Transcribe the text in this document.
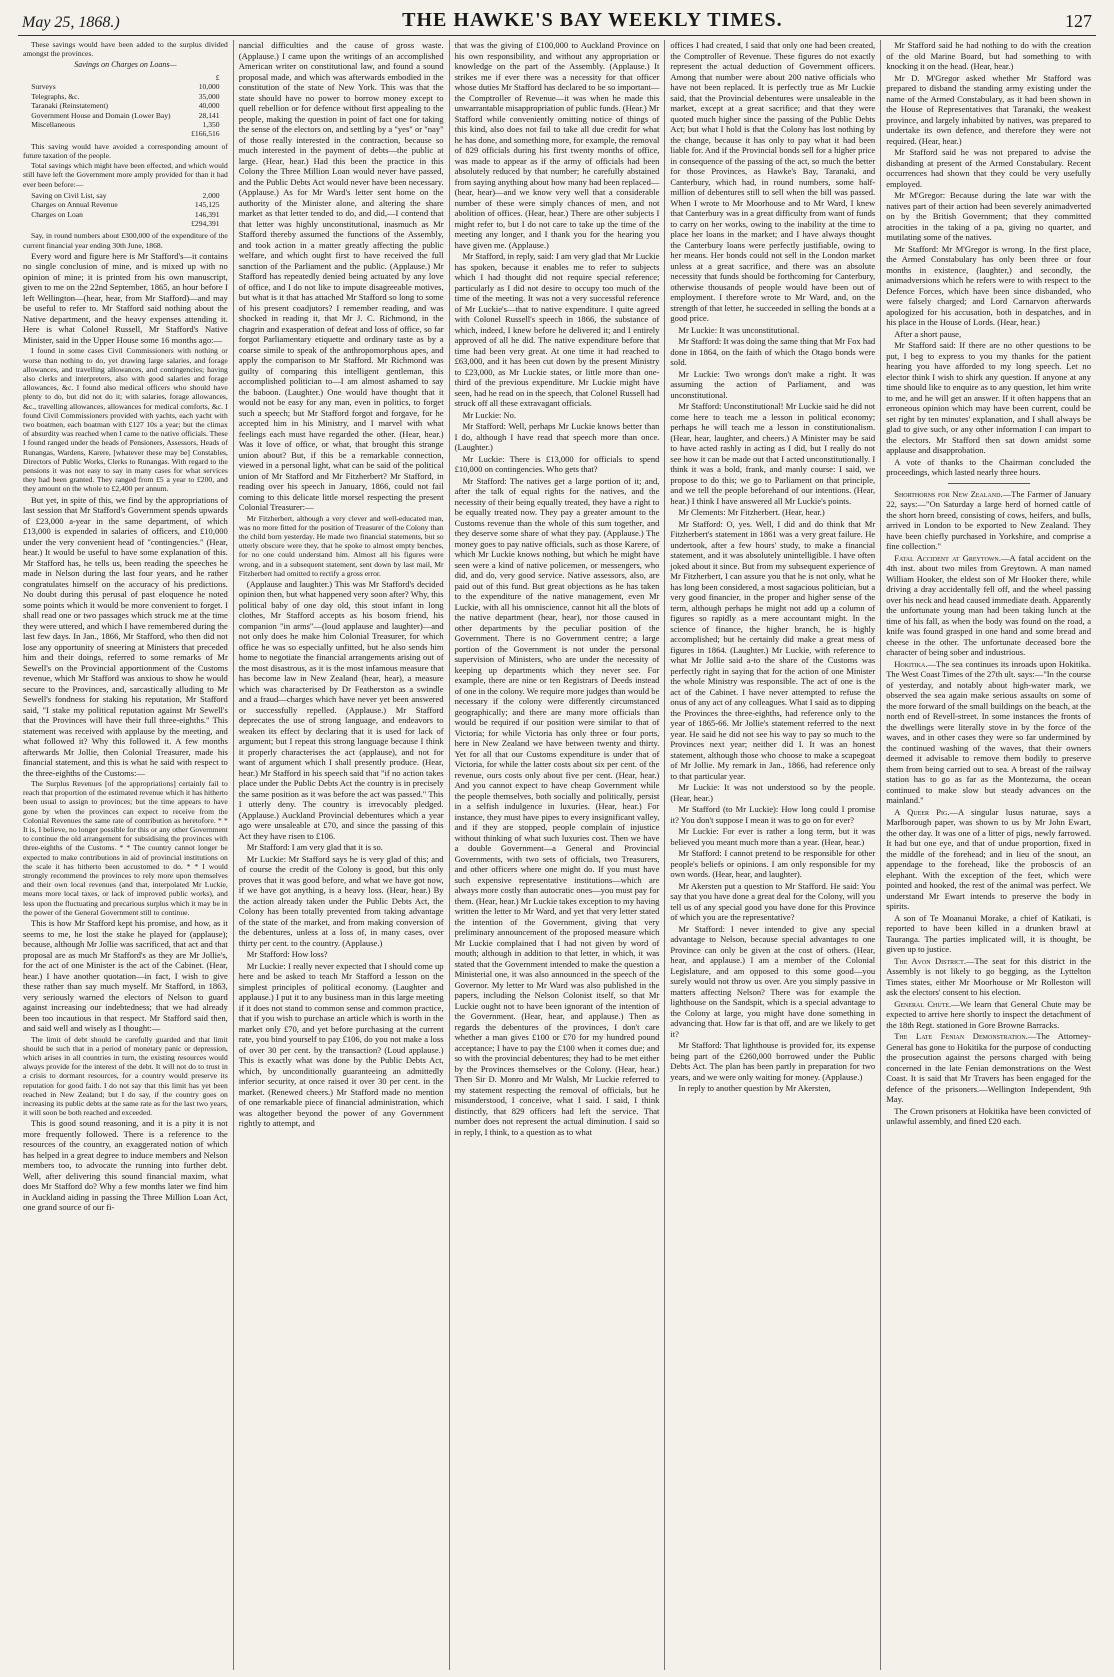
May 25, 1868.)	THE HAWKE'S BAY WEEKLY TIMES.	127

These savings would have been added to the surplus divided amongst the provinces.

Savings on Charges on Loans—
	£
Surveys	10,000
Telegraphs, &c.	35,000
Taranaki (Reinstatement)	40,000
Government House and Domain (Lower Bay)	28,141
Miscellaneous	1,350
	£166,516

This saving would have avoided a corresponding amount of future taxation of the people.

Total savings which might have been effected, and which would still have left the Government more amply provided for than it had ever been before:—

Saving on Civil List, say	2,000
Charges on Annual Revenue	145,125
Charges on Loan	146,391
	£294,391

Say, in round numbers about £300,000 of the expenditure of the current financial year ending 30th June, 1868.

Every word and figure here is Mr Stafford's—it contains no single conclusion of mine, and is mixed up with no opinion of mine; it is printed from his own manuscript, given to me on the 22nd September, 1865, an hour before I left Wellington—(hear, hear, from Mr Stafford)—and may be useful to refer to. Mr Stafford said nothing about the Native department, and the heavy expenses attending it. Here is what Colonel Russell, Mr Stafford's Native Minister, said in the Upper House some 16 months ago:—

I found in some cases Civil Commissioners with nothing or worse than nothing to do, yet drawing large salaries, and forage allowances, and travelling allowances, and contingencies; having also clerks and interpreters, also with good salaries and forage allowances, &c. I found also medical officers who should have plenty to do, but did not do it; with salaries, forage allowances, &c., travelling allowances, allowances for medical comforts, &c. I found Civil Commissioners provided with yachts, each yacht with two boatmen, each boatman with £127 10s a year; but the climax of absurdity was reached when I came to the native officials. These I found ranged under the heads of Pensioners, Assessors, Heads of Runangas, Wardens, Karere, [whatever these may be] Constables, Directors of Public Works, Clerks to Runangas. With regard to the pensions it was not easy to say in many cases for what services they had been granted. They ranged from £5 a year to £200, and they amount on the whole to £2,400 per annum.

But yet, in spite of this, we find by the appropriations of last session that Mr Stafford's Government spends upwards of £23,000 a-year in the same department, of which £13,000 is expended in salaries of officers, and £10,000 under the very convenient head of "contingencies." (Hear, hear.) It would be useful to have some explanation of this. Mr Stafford has, he tells us, been reading the speeches he made in Nelson during the last four years, and he rather congratulates himself on the accuracy of his predictions. No doubt during this perusal of past eloquence he noted some points which it would be more convenient to forget. I shall read one or two passages which struck me at the time they were uttered, and which I have remembered during the last few days. In Jan., 1866, Mr Stafford, who then did not lose any opportunity of sneering at Ministers that preceded him and their doings, referred to some remarks of Mr Sewell's on the Provincial apportionment of the Customs revenue, which Mr Stafford was anxious to show he would secure to the Provinces, and, sarcastically alluding to Mr Sewell's fondness for staking his reputation, Mr Stafford said, "I stake my political reputation against Mr Sewell's that the Provinces will have their full three-eighths." This statement was received with applause by the meeting, and what followed it? Why this followed it. A few months afterwards Mr Jollie, then Colonial Treasurer, made his financial statement, and this is what he said with respect to the three-eighths of the Customs:—

The Surplus Revenues [of the appropriations] certainly fail to reach that proportion of the estimated revenue which it has hitherto been usual to assign to provinces; but the time appears to have gone by when the provinces can expect to receive from the Colonial Revenues the same rate of contribution as heretofore. * * It is, I believe, no longer possible for this or any other Government to continue the old arrangement for subsidising the provinces with three-eighths of the Customs. * * The country cannot longer be expected to make contributions in aid of provincial institutions on the scale it has hitherto been accustomed to do. * * I would strongly recommend the provinces to rely more upon themselves and their own local revenues (and that, interpolated Mr Luckie, means more local taxes, or lack of improved public works), and less upon the fluctuating and precarious surplus which it may be in the power of the General Government still to continue.

This is how Mr Stafford kept his promise, and how, as it seems to me, he lost the stake he played for (applause); because, although Mr Jollie was sacrificed, that act and that proposal are as much Mr Stafford's as they are Mr Jollie's, for the act of one Minister is the act of the Cabinet. (Hear, hear.) I have another quotation—in fact, I wish to give these rather than say much myself. Mr Stafford, in 1863, very seriously warned the electors of Nelson to guard against increasing our indebtedness; that we had already been too incautious in that respect. Mr Stafford said then, and said well and wisely as I thought:—

The limit of debt should be carefully guarded and that limit should be such that in a period of monetary panic or depression, which arises in all countries in turn, the existing resources would always provide for the interest of the debt. It will not do to trust in a crisis to dormant resources, for a country would preserve its reputation for good faith. I do not say that this limit has yet been reached in New Zealand; but I do say, if the country goes on increasing its public debts at the same rate as for the last two years, it will soon be both reached and exceeded.

This is good sound reasoning, and it is a pity it is not more frequently followed. There is a reference to the resources of the country, an exaggerated notion of which has helped in a great degree to induce members and Nelson members too, to advocate the running into further debt. Well, after delivering this sound financial maxim, what does Mr Stafford do? Why a few months later we find him in Auckland aiding in passing the Three Million Loan Act, one grand source of our fi-

nancial difficulties and the cause of gross waste. (Applause.) I came upon the writings of an accomplished American writer on constitutional law, and found a sound proposal made, and which was afterwards embodied in the constitution of the state of New York. This was that the state should have no power to borrow money except to quell rebellion or for defence without first appealing to the people, making the question in point of fact one for taking the sense of the electors on, and settling by a "yes" or "nay" of those really interested in the contraction, because so much interested in the payment of debts—the public at large. (Hear, hear.) Had this been the practice in this Colony the Three Million Loan would never have passed, and the Public Debts Act would never have been necessary. (Applause.) As for Mr Ward's letter sent home on the authority of the Minister alone, and altering the share market as that letter tended to do, and did,—I contend that that letter was highly unconstitutional, inasmuch as Mr Stafford thereby assumed the functions of the Assembly, and took action in a matter greatly affecting the public welfare, and which ought first to have received the full sanction of the Parliament and the public. (Applause.) Mr Stafford has repeatedly denied being actuated by any love of office, and I do not like to impute disagreeable motives, but what is it that has attached Mr Stafford so long to some of his present coadjutors? I remember reading, and was shocked in reading it, that Mr J. C. Richmond, in the chagrin and exasperation of defeat and loss of office, so far forgot Parliamentary etiquette and ordinary taste as by a coarse simile to speak of the anthropomorphous apes, and apply the comparison to Mr Stafford. Mr Richmond was guilty of comparing this intelligent gentleman, this accomplished politician to—I am almost ashamed to say the baboon. (Laughter.) One would have thought that it would not be easy for any man, even in politics, to forget such a speech; but Mr Stafford forgot and forgave, for he accepted him in his Ministry, and I marvel with what feelings each must have regarded the other. (Hear, hear.) Was it love of office, or what, that brought this strange union about? But, if this be a remarkable connection, viewed in a personal light, what can be said of the political union of Mr Stafford and Mr Fitzherbert? Mr Stafford, in reading over his speech in January, 1866, could not fail coming to this delicate little morsel respecting the present Colonial Treasurer:—

Mr Fitzherbert, although a very clever and well-educated man, was no more fitted for the position of Treasurer of the Colony than the child born yesterday. He made two financial statements, but so utterly obscure were they, that he spoke to almost empty benches, for no one could understand him. Almost all his figures were wrong, and in a subsequent statement, sent down by last mail, Mr Fitzherbert had omitted to rectify a gross error.

(Applause and laughter.) This was Mr Stafford's decided opinion then, but what happened very soon after? Why, this political baby of one day old, this stout infant in long clothes, Mr Stafford accepts as his bosom friend, his companion "in arms"—(loud applause and laughter)—and not only does he make him Colonial Treasurer, for which office he was so especially unfitted, but he also sends him home to negotiate the financial arrangements arising out of the most disastrous, as it is the most infamous measure that has become law in New Zealand (hear, hear), a measure which was characterised by Dr Featherston as a swindle and a fraud—charges which have never yet been answered or successfully repelled. (Applause.) Mr Stafford deprecates the use of strong language, and endeavors to weaken its effect by declaring that it is used for lack of argument; but I repeat this strong language because I think it properly characterises the act (applause), and not for want of argument which I shall presently produce. (Hear, hear.) Mr Stafford in his speech said that "if no action takes place under the Public Debts Act the country is in precisely the same position as it was before the act was passed." This I utterly deny. The country is irrevocably pledged. (Applause.) Auckland Provincial debentures which a year ago were unsaleable at £70, and since the passing of this Act they have risen to £106.

Mr Stafford: I am very glad that it is so.

Mr Luckie: Mr Stafford says he is very glad of this; and of course the credit of the Colony is good, but this only proves that it was good before, and what we have got now, if we have got anything, is a heavy loss. (Hear, hear.) By the action already taken under the Public Debts Act, the Colony has been totally prevented from taking advantage of the state of the market, and from making conversion of the debentures, unless at a loss of, in many cases, over thirty per cent. to the country. (Applause.)

Mr Stafford: How loss?

Mr Luckie: I really never expected that I should come up here and be asked to teach Mr Stafford a lesson on the simplest principles of political economy. (Laughter and applause.) I put it to any business man in this large meeting if it does not stand to common sense and common practice, that if you wish to purchase an article which is worth in the market only £70, and yet before purchasing at the current rate, you bind yourself to pay £106, do you not make a loss of over 30 per cent. by the transaction? (Loud applause.) This is exactly what was done by the Public Debts Act, which, by unconditionally guaranteeing an admittedly inferior security, at once raised it over 30 per cent. in the market. (Renewed cheers.) Mr Stafford made no mention of one remarkable piece of financial administration, which was altogether beyond the power of any Government rightly to attempt, and

that was the giving of £100,000 to Auckland Province on his own responsibility, and without any appropriation or knowledge on the part of the Assembly. (Applause.) It strikes me if ever there was a necessity for that officer whose duties Mr Stafford has declared to be so important—the Comptroller of Revenue—it was when he made this unwarrantable misappropriation of public funds. (Hear.) Mr Stafford while conveniently omitting notice of things of this kind, also does not fail to take all due credit for what he has done, and something more, for example, the removal of 829 officials during his first twenty months of office, was made to appear as if the army of officials had been absolutely reduced by that number; he carefully abstained from saying anything about how many had been replaced—(hear, hear)—and we know very well that a considerable number of these were simply chances of men, and not abolition of offices. (Hear, hear.) There are other subjects I might refer to, but I do not care to take up the time of the meeting any longer, and I thank you for the hearing you have given me. (Applause.)

Mr Stafford, in reply, said: I am very glad that Mr Luckie has spoken, because it enables me to refer to subjects which I had thought did not require special reference; particularly as I did not desire to occupy too much of the time of the meeting. It was not a very successful reference of Mr Luckie's—that to native expenditure. I quite agreed with Colonel Russell's speech in 1866, the substance of which, indeed, I knew before he delivered it; and I entirely approved of all he did. The native expenditure before that time had been very great. At one time it had reached to £63,000, and it has been cut down by the present Ministry to £23,000, as Mr Luckie states, or little more than one-third of the previous expenditure. Mr Luckie might have seen, had he read on in the speech, that Colonel Russell had struck off all these extravagant officials.

Mr Luckie: No.

Mr Stafford: Well, perhaps Mr Luckie knows better than I do, although I have read that speech more than once. (Laughter.)

Mr Luckie: There is £13,000 for officials to spend £10,000 on contingencies. Who gets that?

Mr Stafford: The natives get a large portion of it; and, after the talk of equal rights for the natives, and the necessity of their being equally treated, they have a right to be equally treated now. They pay a greater amount to the Customs revenue than the whole of this sum together, and they deserve some share of what they pay. (Applause.) The money goes to pay native officials, such as those Karere, of which Mr Luckie knows nothing, but which he might have seen were a kind of native policemen, or messengers, who did, and do, very good service. Native assessors, also, are paid out of this fund. But great objections as he has taken to the expenditure of the native management, even Mr Luckie, with all his omniscience, cannot hit all the blots of the native department (hear, hear), nor those caused in other departments by the peculiar position of the Government. There is no Government centre; a large portion of the Government is not under the personal supervision of Ministers, who are under the necessity of keeping up departments which they never see. For example, there are nine or ten Registrars of Deeds instead of one in the colony. We require more judges than would be necessary if the colony were differently circumstanced geographically; and there are many more officials than would be required if our position were similar to that of Victoria; for while Victoria has only three or four ports, here in New Zealand we have between twenty and thirty. Yet for all that our Customs expenditure is under that of Victoria, for while the latter costs about six per cent. of the revenue, ours costs only about five per cent. (Hear, hear.) And you cannot expect to have cheap Government while the people themselves, both socially and politically, persist in a selfish indulgence in luxuries. (Hear, hear.) For instance, they must have pipes to every insignificant valley, and if they are stopped, people complain of injustice without thinking of what such luxuries cost. Then we have a double Government—a General and Provincial Governments, with two sets of officials, two Treasurers, and other officers where one might do. If you must have such expensive representative institutions—which are always more costly than autocratic ones—you must pay for them. (Hear, hear.) Mr Luckie takes exception to my having written the letter to Mr Ward, and yet that very letter stated the intention of the Government, giving that very preliminary announcement of the proposed measure which Mr Luckie complained that I had not given by word of mouth; although in addition to that letter, in which, it was stated that the Government intended to make the question a Ministerial one, it was also announced in the speech of the Governor. My letter to Mr Ward was also published in the papers, including the Nelson Colonist itself, so that Mr Luckie ought not to have been ignorant of the intention of the Government. (Hear, hear, and applause.) Then as regards the debentures of the provinces, I don't care whether a man gives £100 or £70 for my hundred pound acceptance; I have to pay the £100 when it comes due; and so with the provincial debentures; they had to be met either by the Provinces themselves or the Colony. (Hear, hear.) Then Sir D. Monro and Mr Walsh, Mr Luckie referred to my statement respecting the removal of officials, but he misunderstood, I conceive, what I said. I said, I think distinctly, that 829 officers had left the service. That number does not represent the actual diminution. I said so in reply, I think, to a question as to what

offices I had created, I said that only one had been created, the Comptroller of Revenue. These figures do not exactly represent the actual deduction of Government officers. Among that number were about 200 native officials who have not been replaced. It is perfectly true as Mr Luckie said, that the Provincial debentures were unsaleable in the market, except at a great sacrifice; and that they were quoted much higher since the passing of the Public Debts Act; but what I hold is that the Colony has lost nothing by the change, because it has only to pay what it had been liable for. And if the Provincial bonds sell for a higher price in consequence of the passing of the act, so much the better for those Provinces, as Hawke's Bay, Taranaki, and Canterbury, which had, in round numbers, some half-million of debentures still to sell when the bill was passed. When I wrote to Mr Moorhouse and to Mr Ward, I knew that Canterbury was in a great difficulty from want of funds to carry on her works, owing to the inability at the time to place her loans in the market; and I have always thought the Canterbury loans were perfectly justifiable, owing to her means. Her bonds could not sell in the London market unless at a great sacrifice, and there was an absolute necessity that funds should be forthcoming for Canterbury, otherwise thousands of people would have been out of employment. I therefore wrote to Mr Ward, and, on the strength of that letter, he succeeded in selling the bonds at a good price.

Mr Luckie: It was unconstitutional.

Mr Stafford: It was doing the same thing that Mr Fox had done in 1864, on the faith of which the Otago bonds were sold.

Mr Luckie: Two wrongs don't make a right. It was assuming the action of Parliament, and was unconstitutional.

Mr Stafford: Unconstitutional! Mr Luckie said he did not come here to teach me a lesson in political economy; perhaps he will teach me a lesson in constitutionalism. (Hear, hear, laughter, and cheers.) A Minister may be said to have acted rashly in acting as I did, but I really do not see how it can be made out that I acted unconstitutionally. I think it was a bold, frank, and manly course: I said, we propose to do this; we go to Parliament on that principle, and we tell the people beforehand of our intentions. (Hear, hear.) I think I have answered all Mr Luckie's points.

Mr Clements: Mr Fitzherbert. (Hear, hear.)

Mr Stafford: O, yes. Well, I did and do think that Mr Fitzherbert's statement in 1861 was a very great failure. He undertook, after a few hours' study, to make a financial statement, and it was absolutely unintelligible. I have often joked about it since. But from my subsequent experience of Mr Fitzherbert, I can assure you that he is not only, what he has long been considered, a most sagacious politician, but a very good financier, in the proper and higher sense of the term, although perhaps he might not add up a column of figures so rapidly as a mere accountant might. In the science of finance, the higher branch, he is highly accomplished; but he certainly did make a great mess of figures in 1864. (Laughter.) Mr Luckie, with reference to what Mr Jollie said a-to the share of the Customs was perfectly right in saying that for the action of one Minister the whole Ministry was responsible. The act of one is the act of the Cabinet. I have never attempted to refuse the onus of any act of any colleagues. What I said as to dipping the Provinces the three-eighths, had reference only to the year of 1865-66. Mr Jollie's statement referred to the next year. He said he did not see his way to pay so much to the Provinces next year; neither did I. It was an honest statement, although those who choose to make a scapegoat of Mr Jollie. My remark in Jan., 1866, had reference only to that particular year.

Mr Luckie: It was not understood so by the people. (Hear, hear.)

Mr Stafford (to Mr Luckie): How long could I promise it? You don't suppose I mean it was to go on for ever?

Mr Luckie: For ever is rather a long term, but it was believed you meant much more than a year. (Hear, hear.)

Mr Stafford: I cannot pretend to be responsible for other people's beliefs or opinions. I am only responsible for my own words. (Hear, hear, and laughter).

Mr Akersten put a question to Mr Stafford. He said: You say that you have done a great deal for the Colony, will you tell us of any special good you have done for this Province of which you are the representative?

Mr Stafford: I never intended to give any special advantage to Nelson, because special advantages to one Province can only be given at the cost of others. (Hear, hear, and applause.) I am a member of the Colonial Legislature, and am opposed to this some good—you surely would not throw us over. Are you simply passive in matters affecting Nelson? There was for example the lighthouse on the Sandspit, which is a special advantage to the Colony at large, you might have done something in advancing that. How far is that off, and are we likely to get it?

Mr Stafford: That lighthouse is provided for, its expense being part of the £260,000 borrowed under the Public Debts Act. The plan has been partly in preparation for two years, and we were only waiting for money. (Applause.)

In reply to another question by Mr Akersten,

Mr Stafford said he had nothing to do with the creation of the old Marine Board, but had something to with knocking it on the head. (Hear, hear.)

Mr D. M'Gregor asked whether Mr Stafford was prepared to disband the standing army existing under the name of the Armed Constabulary, as it had been shown in the House of Representatives that Taranaki, the weakest province, and largely inhabited by natives, was prepared to undertake its own defence, and therefore they were not required. (Hear, hear.)

Mr Stafford said he was not prepared to advise the disbanding at present of the Armed Constabulary. Recent occurrences had shown that they could be very usefully employed.

Mr M'Gregor: Because during the late war with the natives part of their action had been severely animadverted on by the British Government; that they committed atrocities in the taking of a pa, giving no quarter, and mutilating some of the natives.

Mr Stafford: Mr M'Gregor is wrong. In the first place, the Armed Constabulary has only been three or four months in existence, (laughter,) and secondly, the animadversions which he refers were to with respect to the Defence Forces, which have been since disbanded, who were falsely charged; and Lord Carnarvon afterwards apologized for his accusation, both in despatches, and in his place in the House of Lords. (Hear, hear.)

After a short pause,

Mr Stafford said: If there are no other questions to be put, I beg to express to you my thanks for the patient hearing you have afforded to my long speech. Let no elector think I wish to shirk any question. If anyone at any time should like to enquire as to any question, let him write to me, and he will get an answer. If it often happens that an erroneous opinion which may have been current, could be set right by ten minutes' explanation, and I shall always be glad to give such, or any other information I can impart to the electors. Mr Stafford then sat down amidst some applause and disapprobation.

A vote of thanks to the Chairman concluded the proceedings, which lasted nearly three hours.

Shorthorns for New Zealand.—The Farmer of January 22, says:—"On Saturday a large herd of horned cattle of the short horn breed, consisting of cows, heifers, and bulls, arrived in London to be exported to New Zealand. They have been chiefly purchased in Yorkshire, and comprise a fine collection."

Fatal Accident at Greytown.—A fatal accident on the 4th inst. about two miles from Greytown. A man named William Hooker, the eldest son of Mr Hooker there, while driving a dray accidentally fell off, and the wheel passing over his neck and head caused immediate death. Apparently the unfortunate young man had been taking lunch at the time of his fall, as when the body was found on the road, a knife was found grasped in one hand and some bread and cheese in the other. The unfortunate deceased bore the character of being sober and industrious.

Hokitika.—The sea continues its inroads upon Hokitika. The West Coast Times of the 27th ult. says:—"In the course of yesterday, and notably about high-water mark, we observed the sea again make serious assaults on some of the more forward of the small buildings on the beach, at the north end of Revell-street. In some instances the fronts of the dwellings were literally stove in by the force of the waves, and in other cases they were so far undermined by the continued washing of the waves, that their owners deemed it advisable to remove them bodily to preserve them from being carried out to sea. A breast of the railway station has to go as far as the Montezuma, the ocean continued to make slow but steady advances on the mainland."

A Queer Pig.—A singular lusus naturae, says a Marlborough paper, was shown to us by Mr John Ewart, the other day. It was one of a litter of pigs, newly farrowed. It had but one eye, and that of undue proportion, fixed in the middle of the forehead; and in lieu of the snout, an appendage to the forehead, like the proboscis of an elephant. With the exception of the feet, which were pointed and hooked, the rest of the animal was perfect. We understand Mr Ewart intends to preserve the body in spirits.

A son of Te Moananui Morake, a chief of Katikati, is reported to have been killed in a drunken brawl at Tauranga. The parties implicated will, it is thought, be given up to justice.

The Avon District.—The seat for this district in the Assembly is not likely to go begging, as the Lyttelton Times states, either Mr Moorhouse or Mr Rolleston will ask the electors' consent to his election.

General Chute.—We learn that General Chute may be expected to arrive here shortly to inspect the detachment of the 18th Regt. stationed in Gore Browne Barracks.

The Late Fenian Demonstration.—The Attorney-General has gone to Hokitika for the purpose of conducting the prosecution against the persons charged with being concerned in the late Fenian demonstrations on the West Coast. It is said that Mr Travers has been engaged for the defence of the prisoners.—Wellington Independent, 9th May.

The Crown prisoners at Hokitika have been convicted of unlawful assembly, and fined £20 each.
